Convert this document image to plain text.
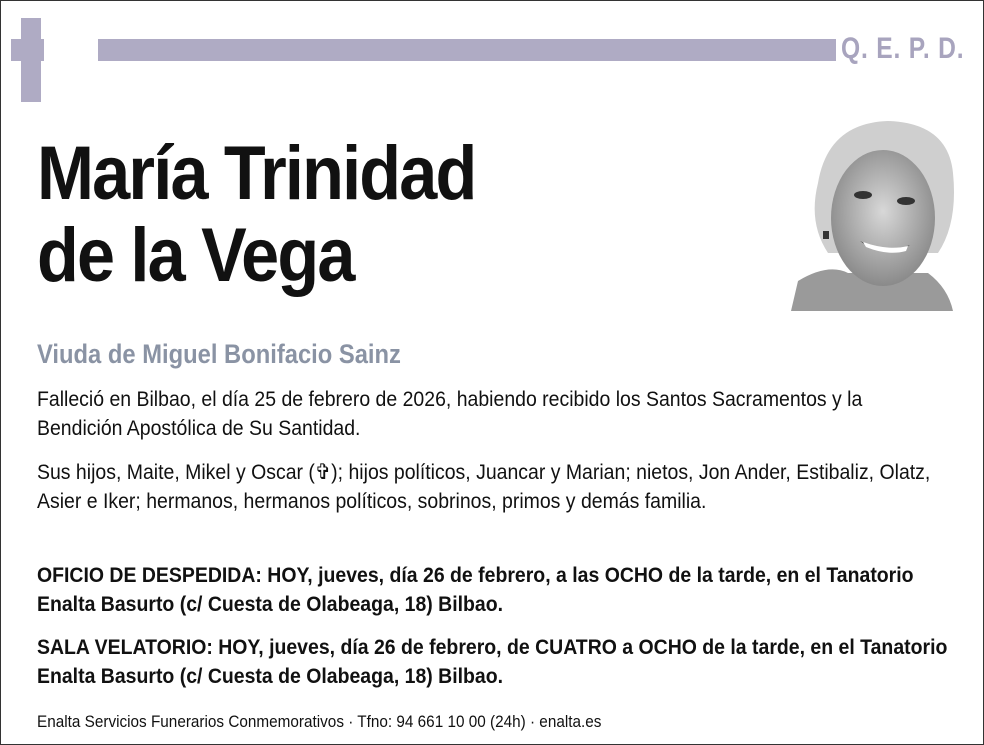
Q. E. P. D.
María Trinidad
de la Vega
Viuda de Miguel Bonifacio Sainz
Falleció en Bilbao, el día 25 de febrero de 2026, habiendo recibido los Santos Sacramentos y la Bendición Apostólica de Su Santidad.
Sus hijos, Maite, Mikel y Oscar (✞); hijos políticos, Juancar y Marian; nietos, Jon Ander, Estibaliz, Olatz, Asier e Iker; hermanos, hermanos políticos, sobrinos, primos y demás familia.
OFICIO DE DESPEDIDA: HOY, jueves, día 26 de febrero, a las OCHO de la tarde, en el Tanatorio Enalta Basurto (c/ Cuesta de Olabeaga, 18) Bilbao.
SALA VELATORIO: HOY, jueves, día 26 de febrero, de CUATRO a OCHO de la tarde, en el Tanatorio Enalta Basurto (c/ Cuesta de Olabeaga, 18) Bilbao.
Enalta Servicios Funerarios Conmemorativos · Tfno: 94 661 10 00 (24h) · enalta.es
